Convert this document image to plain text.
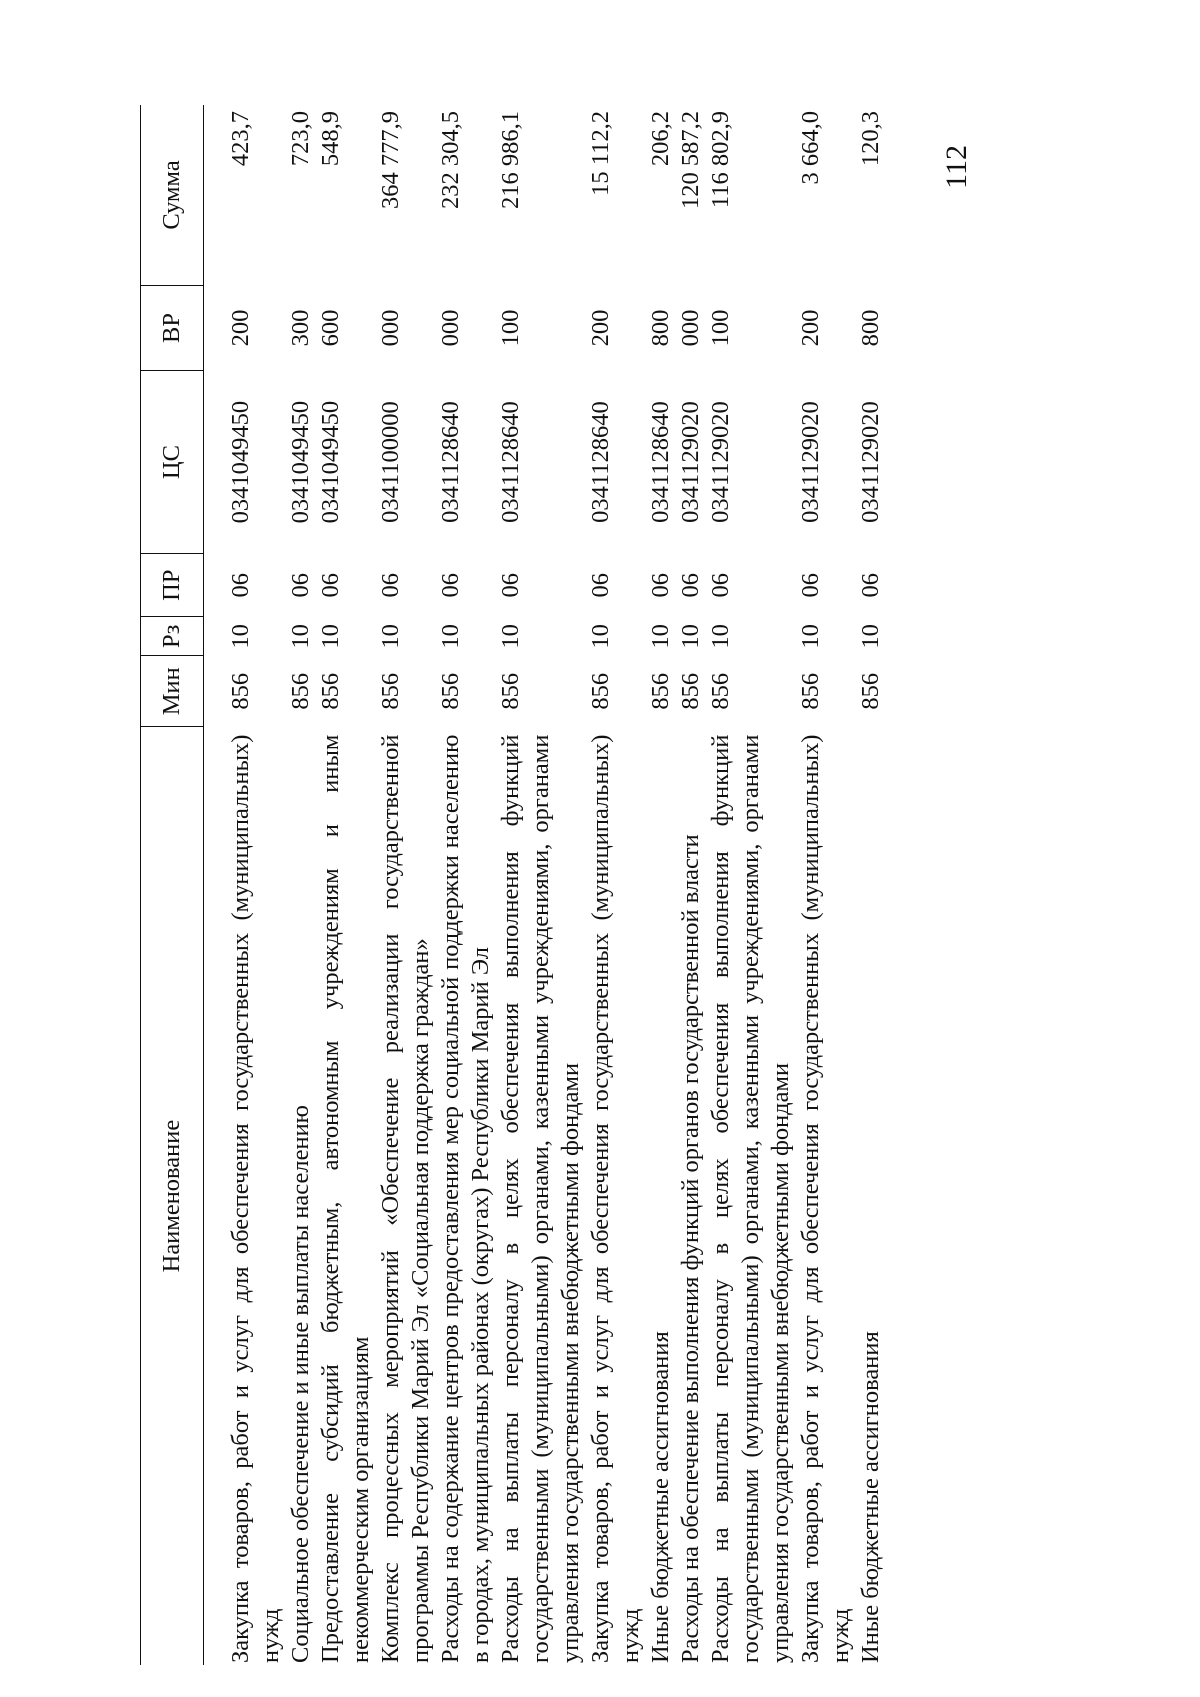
112
Наименование	Мин	Рз	ПР	ЦС	ВР	Сумма
Закупка товаров, работ и услуг для обеспечения государственных (муниципальных) нужд	856	10	06	0341049450	200	423,7
Социальное обеспечение и иные выплаты населению	856	10	06	0341049450	300	723,0
Предоставление субсидий бюджетным, автономным учреждениям и иным некоммерческим организациям	856	10	06	0341049450	600	548,9
Комплекс процессных мероприятий «Обеспечение реализации государственной программы Республики Марий Эл «Социальная поддержка граждан»	856	10	06	0341100000	000	364 777,9
Расходы на содержание центров предоставления мер социальной поддержки населению в городах, муниципальных районах (округах) Республики Марий Эл	856	10	06	0341128640	000	232 304,5
Расходы на выплаты персоналу в целях обеспечения выполнения функций государственными (муниципальными) органами, казенными учреждениями, органами управления государственными внебюджетными фондами	856	10	06	0341128640	100	216 986,1
Закупка товаров, работ и услуг для обеспечения государственных (муниципальных) нужд	856	10	06	0341128640	200	15 112,2
Иные бюджетные ассигнования	856	10	06	0341128640	800	206,2
Расходы на обеспечение выполнения функций органов государственной власти	856	10	06	0341129020	000	120 587,2
Расходы на выплаты персоналу в целях обеспечения выполнения функций государственными (муниципальными) органами, казенными учреждениями, органами управления государственными внебюджетными фондами	856	10	06	0341129020	100	116 802,9
Закупка товаров, работ и услуг для обеспечения государственных (муниципальных) нужд	856	10	06	0341129020	200	3 664,0
Иные бюджетные ассигнования	856	10	06	0341129020	800	120,3
